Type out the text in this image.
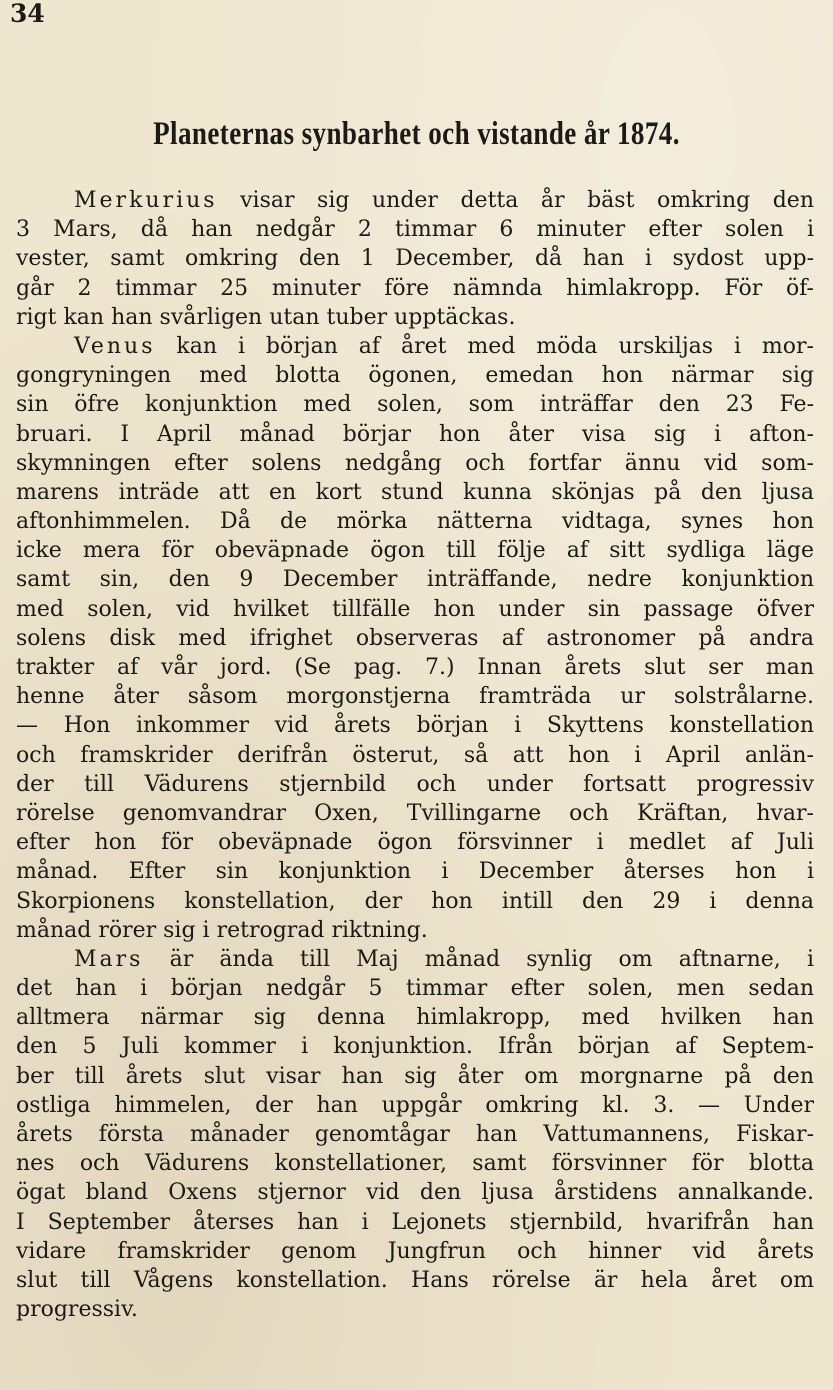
34
Planeternas synbarhet och vistande år 1874.
Merkurius visar sig under detta år bäst omkring den
3 Mars, då han nedgår 2 timmar 6 minuter efter solen i
vester, samt omkring den 1 December, då han i sydost upp-
går 2 timmar 25 minuter före nämnda himlakropp. För öf-
rigt kan han svårligen utan tuber upptäckas.
Venus kan i början af året med möda urskiljas i mor-
gongryningen med blotta ögonen, emedan hon närmar sig
sin öfre konjunktion med solen, som inträffar den 23 Fe-
bruari. I April månad börjar hon åter visa sig i afton-
skymningen efter solens nedgång och fortfar ännu vid som-
marens inträde att en kort stund kunna skönjas på den ljusa
aftonhimmelen. Då de mörka nätterna vidtaga, synes hon
icke mera för obeväpnade ögon till följe af sitt sydliga läge
samt sin, den 9 December inträffande, nedre konjunktion
med solen, vid hvilket tillfälle hon under sin passage öfver
solens disk med ifrighet observeras af astronomer på andra
trakter af vår jord. (Se pag. 7.) Innan årets slut ser man
henne åter såsom morgonstjerna framträda ur solstrålarne.
— Hon inkommer vid årets början i Skyttens konstellation
och framskrider derifrån österut, så att hon i April anlän-
der till Vädurens stjernbild och under fortsatt progressiv
rörelse genomvandrar Oxen, Tvillingarne och Kräftan, hvar-
efter hon för obeväpnade ögon försvinner i medlet af Juli
månad. Efter sin konjunktion i December återses hon i
Skorpionens konstellation, der hon intill den 29 i denna
månad rörer sig i retrograd riktning.
Mars är ända till Maj månad synlig om aftnarne, i
det han i början nedgår 5 timmar efter solen, men sedan
alltmera närmar sig denna himlakropp, med hvilken han
den 5 Juli kommer i konjunktion. Ifrån början af Septem-
ber till årets slut visar han sig åter om morgnarne på den
ostliga himmelen, der han uppgår omkring kl. 3. — Under
årets första månader genomtågar han Vattumannens, Fiskar-
nes och Vädurens konstellationer, samt försvinner för blotta
ögat bland Oxens stjernor vid den ljusa årstidens annalkande.
I September återses han i Lejonets stjernbild, hvarifrån han
vidare framskrider genom Jungfrun och hinner vid årets
slut till Vågens konstellation. Hans rörelse är hela året om
progressiv.
